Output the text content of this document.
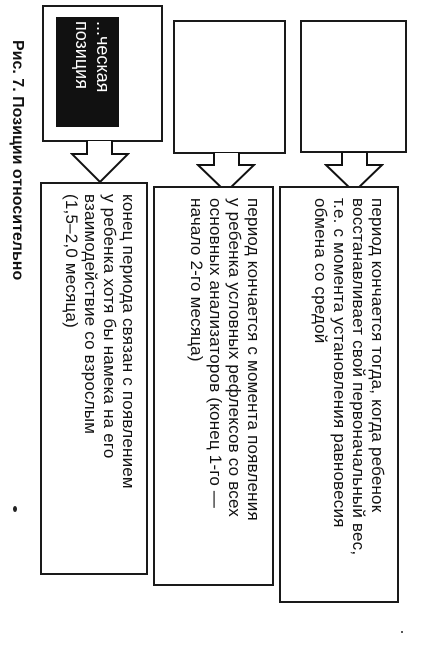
...ческая
позиция
конец периода связан с появлением
у ребенка хотя бы намека на его
взаимодействие со взрослым
(1,5–2,0 месяца)
период кончается с момента появления
у ребенка условных рефлексов со всех
основных анализаторов (конец 1-го —
начало 2-го месяца)
период кончается тогда, когда ребенок
восстанавливает свой первоначальный вес,
т.е. с момента установления равновесия
обмена со средой
Рис. 7. Позиции относительно
